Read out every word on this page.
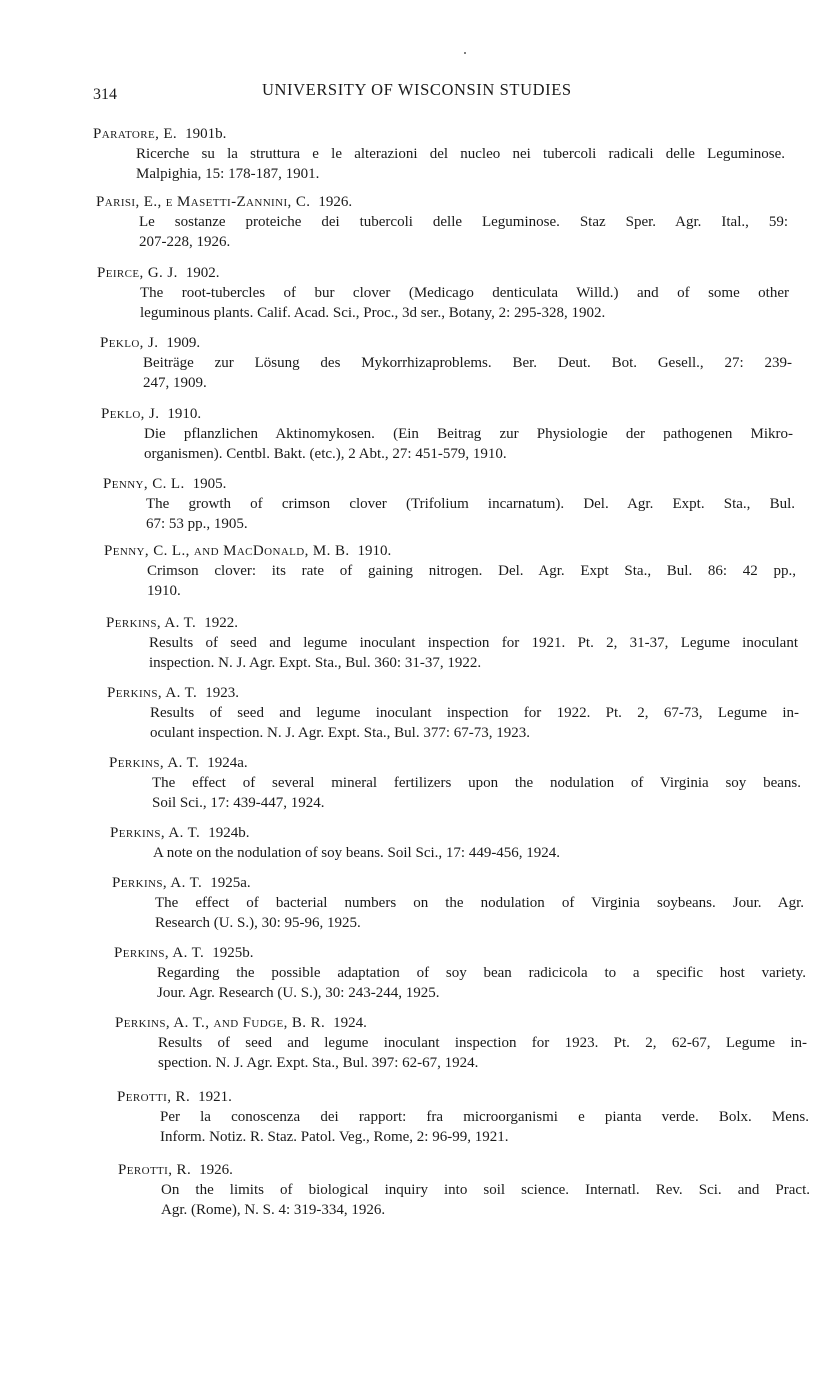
314	UNIVERSITY OF WISCONSIN STUDIES

Paratore, E. 1901b.

Ricerche su la struttura e le alterazioni del nucleo nei tubercoli radicali delle Leguminose.

Malpighia, 15: 178-187, 1901.

Parisi, E., e Masetti-Zannini, C. 1926.

Le sostanze proteiche dei tubercoli delle Leguminose. Staz Sper. Agr. Ital., 59:

207-228, 1926.

Peirce, G. J. 1902.

The root-tubercles of bur clover (Medicago denticulata Willd.) and of some other

leguminous plants. Calif. Acad. Sci., Proc., 3d ser., Botany, 2: 295-328, 1902.

Peklo, J. 1909.

Beiträge zur Lösung des Mykorrhizaproblems. Ber. Deut. Bot. Gesell., 27: 239-

247, 1909.

Peklo, J. 1910.

Die pflanzlichen Aktinomykosen. (Ein Beitrag zur Physiologie der pathogenen Mikro-

organismen). Centbl. Bakt. (etc.), 2 Abt., 27: 451-579, 1910.

Penny, C. L. 1905.

The growth of crimson clover (Trifolium incarnatum). Del. Agr. Expt. Sta., Bul.

67: 53 pp., 1905.

Penny, C. L., and MacDonald, M. B. 1910.

Crimson clover: its rate of gaining nitrogen. Del. Agr. Expt Sta., Bul. 86: 42 pp.,

1910.

Perkins, A. T. 1922.

Results of seed and legume inoculant inspection for 1921. Pt. 2, 31-37, Legume inoculant

inspection. N. J. Agr. Expt. Sta., Bul. 360: 31-37, 1922.

Perkins, A. T. 1923.

Results of seed and legume inoculant inspection for 1922. Pt. 2, 67-73, Legume in-

oculant inspection. N. J. Agr. Expt. Sta., Bul. 377: 67-73, 1923.

Perkins, A. T. 1924a.

The effect of several mineral fertilizers upon the nodulation of Virginia soy beans.

Soil Sci., 17: 439-447, 1924.

Perkins, A. T. 1924b.

A note on the nodulation of soy beans. Soil Sci., 17: 449-456, 1924.

Perkins, A. T. 1925a.

The effect of bacterial numbers on the nodulation of Virginia soybeans. Jour. Agr.

Research (U. S.), 30: 95-96, 1925.

Perkins, A. T. 1925b.

Regarding the possible adaptation of soy bean radicicola to a specific host variety.

Jour. Agr. Research (U. S.), 30: 243-244, 1925.

Perkins, A. T., and Fudge, B. R. 1924.

Results of seed and legume inoculant inspection for 1923. Pt. 2, 62-67, Legume in-

spection. N. J. Agr. Expt. Sta., Bul. 397: 62-67, 1924.

Perotti, R. 1921.

Per la conoscenza dei rapport: fra microorganismi e pianta verde. Bolx. Mens.

Inform. Notiz. R. Staz. Patol. Veg., Rome, 2: 96-99, 1921.

Perotti, R. 1926.

On the limits of biological inquiry into soil science. Internatl. Rev. Sci. and Pract.

Agr. (Rome), N. S. 4: 319-334, 1926.
